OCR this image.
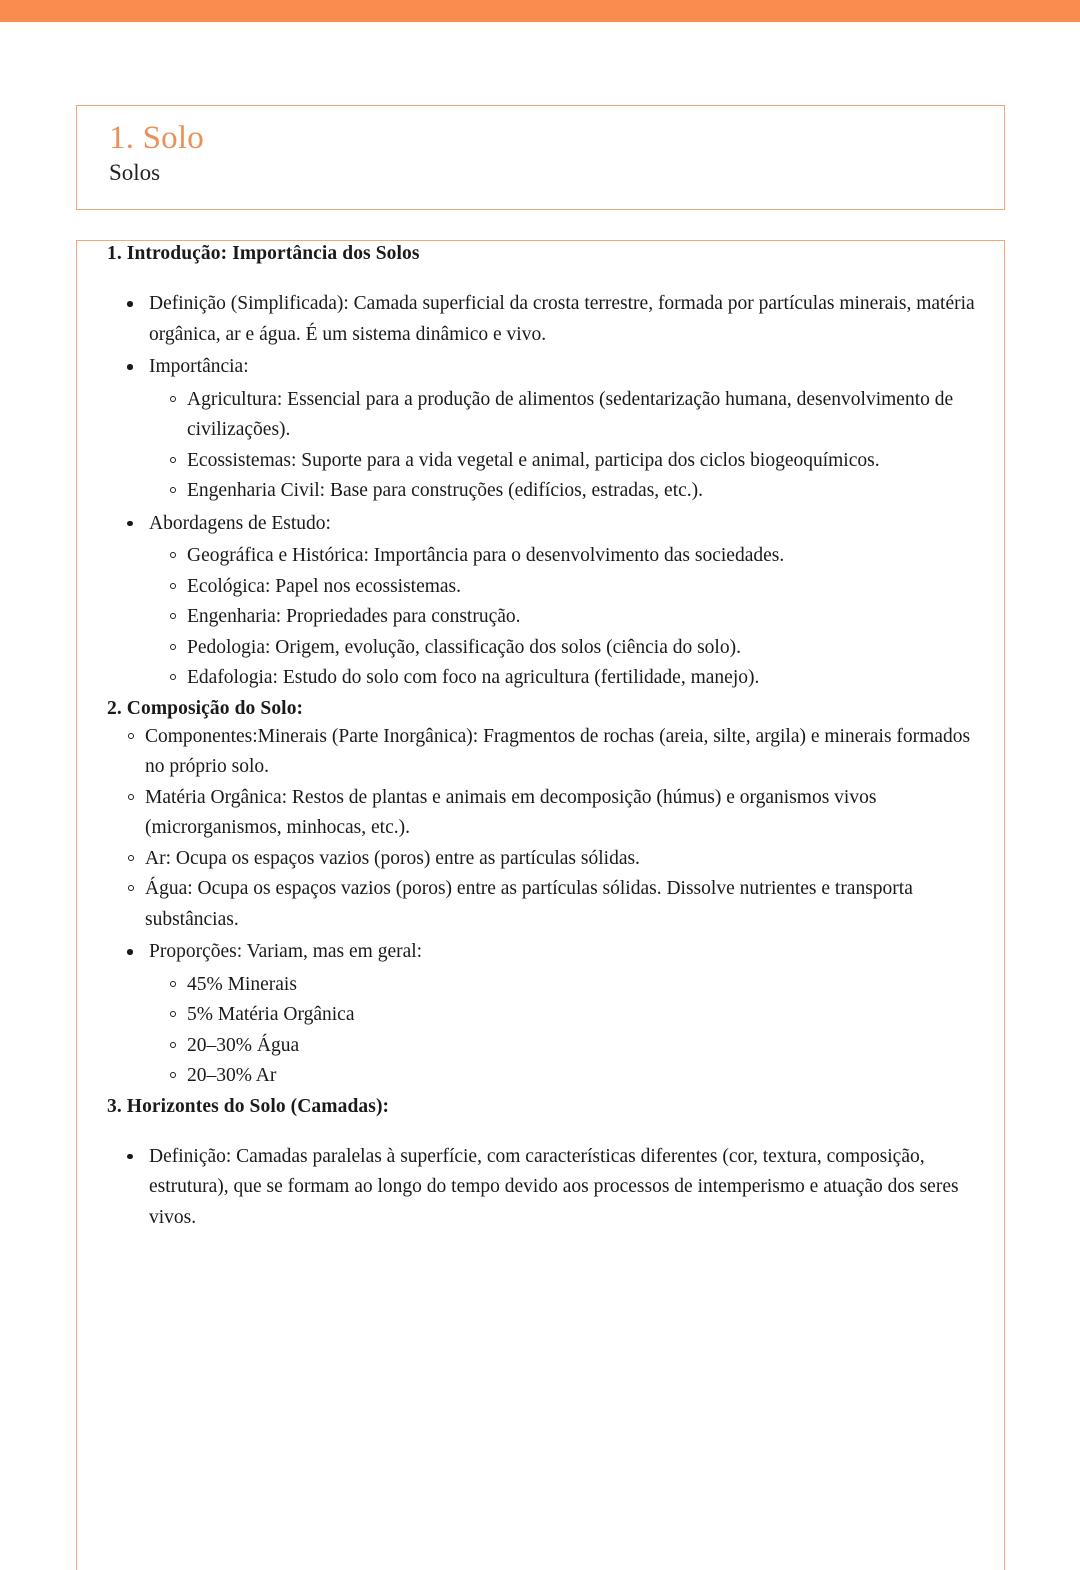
1. Solo
Solos
1. Introdução: Importância dos Solos
Definição (Simplificada): Camada superficial da crosta terrestre, formada por partículas minerais, matéria orgânica, ar e água. É um sistema dinâmico e vivo.
Importância:
Agricultura: Essencial para a produção de alimentos (sedentarização humana, desenvolvimento de civilizações).
Ecossistemas: Suporte para a vida vegetal e animal, participa dos ciclos biogeoquímicos.
Engenharia Civil: Base para construções (edifícios, estradas, etc.).
Abordagens de Estudo:
Geográfica e Histórica: Importância para o desenvolvimento das sociedades.
Ecológica: Papel nos ecossistemas.
Engenharia: Propriedades para construção.
Pedologia: Origem, evolução, classificação dos solos (ciência do solo).
Edafologia: Estudo do solo com foco na agricultura (fertilidade, manejo).
2. Composição do Solo:
Componentes:Minerais (Parte Inorgânica): Fragmentos de rochas (areia, silte, argila) e minerais formados no próprio solo.
Matéria Orgânica: Restos de plantas e animais em decomposição (húmus) e organismos vivos (microrganismos, minhocas, etc.).
Ar: Ocupa os espaços vazios (poros) entre as partículas sólidas.
Água: Ocupa os espaços vazios (poros) entre as partículas sólidas. Dissolve nutrientes e transporta substâncias.
Proporções: Variam, mas em geral:
45% Minerais
5% Matéria Orgânica
20–30% Água
20–30% Ar
3. Horizontes do Solo (Camadas):
Definição: Camadas paralelas à superfície, com características diferentes (cor, textura, composição, estrutura), que se formam ao longo do tempo devido aos processos de intemperismo e atuação dos seres vivos.
